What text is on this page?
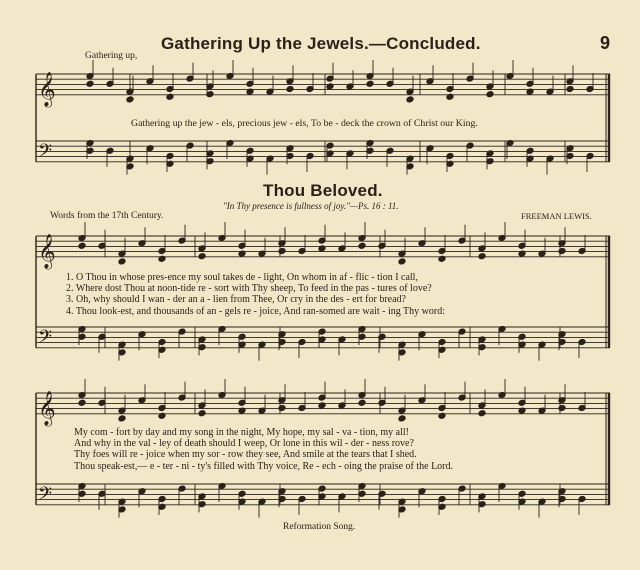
𝄞
𝄢
𝄞
𝄢
𝄞
𝄢
Gathering Up the Jewels.—Concluded.	9
Gathering up,
Gathering up the jew - els, precious jew - els, To be - deck the crown of Christ our King.
Thou Beloved.
"In Thy presence is fullness of joy."—Ps. 16 : 11.
Words from the 17th Century.	FREEMAN LEWIS.
1. O Thou in whose pres-ence my soul takes de - light, On whom in af - flic - tion I call,
2. Where dost Thou at noon-tide re - sort with Thy sheep, To feed in the pas - tures of love?
3. Oh, why should I wan - der an a - lien from Thee, Or cry in the des - ert for bread?
4. Thou look-est, and thousands of an - gels re - joice, And ran-somed are wait - ing Thy word:
My com - fort by day and my song in the night, My hope, my sal - va - tion, my all!
And why in the val - ley of death should I weep, Or lone in this wil - der - ness rove?
Thy foes will re - joice when my sor - row they see, And smile at the tears that I shed.
Thou speak-est,— e - ter - ni - ty's filled with Thy voice, Re - ech - oing the praise of the Lord.
Reformation Song.
